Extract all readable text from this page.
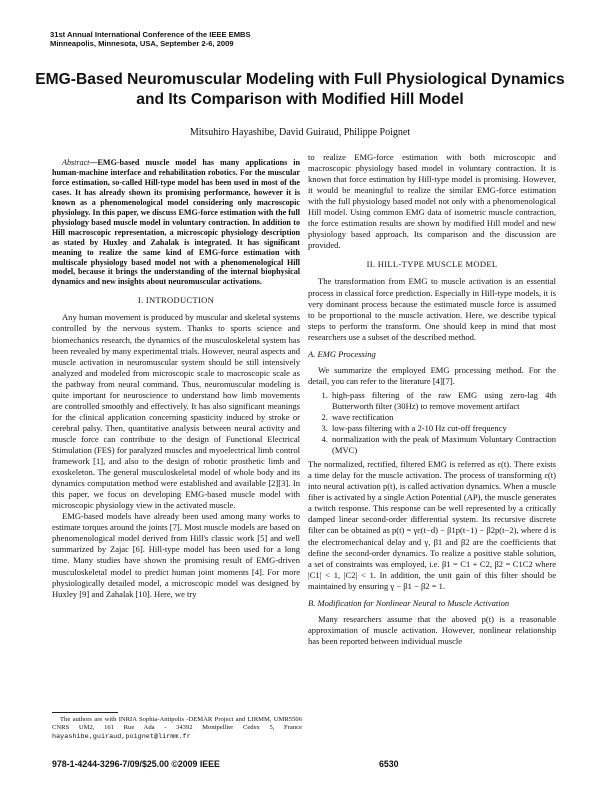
31st Annual International Conference of the IEEE EMBS
Minneapolis, Minnesota, USA, September 2-6, 2009
EMG-Based Neuromuscular Modeling with Full Physiological Dynamics
and Its Comparison with Modified Hill Model
Mitsuhiro Hayashibe, David Guiraud, Philippe Poignet

Abstract—EMG-based muscle model has many applications in human-machine interface and rehabilitation robotics. For the muscular force estimation, so-called Hill-type model has been used in most of the cases. It has already shown its promising performance, however it is known as a phenomenological model considering only macroscopic physiology. In this paper, we discuss EMG-force estimation with the full physiology based muscle model in voluntary contraction. In addition to Hill macroscopic representation, a microscopic physiology description as stated by Huxley and Zahalak is integrated. It has significant meaning to realize the same kind of EMG-force estimation with multiscale physiology based model not with a phenomenological Hill model, because it brings the understanding of the internal biophysical dynamics and new insights about neuromuscular activations.

I. INTRODUCTION

Any human movement is produced by muscular and skeletal systems controlled by the nervous system. Thanks to sports science and biomechanics research, the dynamics of the musculoskeletal system has been revealed by many experimental trials. However, neural aspects and muscle activation in neuromuscular system should be still intensively analyzed and modeled from microscopic scale to macroscopic scale as the pathway from neural command. Thus, neuromuscular modeling is quite important for neuroscience to understand how limb movements are controlled smoothly and effectively. It has also significant meanings for the clinical application concerning spasticity induced by stroke or cerebral palsy. Then, quantitative analysis between neural activity and muscle force can contribute to the design of Functional Electrical Stimulation (FES) for paralyzed muscles and myoelectrical limb control framework [1], and also to the design of robotic prosthetic limb and exoskeleton. The general musculoskeletal model of whole body and its dynamics computation method were established and available [2][3]. In this paper, we focus on developing EMG-based muscle model with microscopic physiology view in the activated muscle.

EMG-based models have already been used among many works to estimate torques around the joints [7]. Most muscle models are based on phenomenological model derived from Hill's classic work [5] and well summarized by Zajac [6]. Hill-type model has been used for a long time. Many studies have shown the promising result of EMG-driven musculoskeletal model to predict human joint moments [4]. For more physiologically detailed model, a microscopic model was designed by Huxley [9] and Zahalak [10]. Here, we try

to realize EMG-force estimation with both microscopic and macroscopic physiology based model in voluntary contraction. It is known that force estimation by Hill-type model is promising. However, it would be meaningful to realize the similar EMG-force estimation with the full physiology based model not only with a phenomenological Hill model. Using common EMG data of isometric muscle contraction, the force estimation results are shown by modified Hill model and new physiology based approach. Its comparison and the discussion are provided.

II. HILL-TYPE MUSCLE MODEL

The transformation from EMG to muscle activation is an essential process in classical force prediction. Especially in Hill-type models, it is very dominant process because the estimated muscle force is assumed to be proportional to the muscle activation. Here, we describe typical steps to perform the transform. One should keep in mind that most researchers use a subset of the described method.

A. EMG Processing

We summarize the employed EMG processing method. For the detail, you can refer to the literature [4][7].

1. high-pass filtering of the raw EMG using zero-lag 4th Butterworth filter (30Hz) to remove movement artifact
2. wave rectification
3. low-pass filtering with a 2-10 Hz cut-off frequency
4. normalization with the peak of Maximum Voluntary Contraction (MVC)

The normalized, rectified, filtered EMG is referred as ε(t). There exists a time delay for the muscle activation. The process of transforming ε(t) into neural activation p(t), is called activation dynamics. When a muscle fiber is activated by a single Action Potential (AP), the muscle generates a twitch response. This response can be well represented by a critically damped linear second-order differential system. Its recursive discrete filter can be obtained as p(t) = γε(t−d) − β1p(t−1) − β2p(t−2), where d is the electromechanical delay and γ, β1 and β2 are the coefficients that define the second-order dynamics. To realize a positive stable solution, a set of constraints was employed, i.e. β1 = C1 + C2, β2 = C1C2 where |C1| < 1, |C2| < 1. In addition, the unit gain of this filter should be maintained by ensuring γ − β1 − β2 = 1.

B. Modification for Nonlinear Neural to Muscle Activation

Many researchers assume that the aboved p(t) is a reasonable approximation of muscle activation. However, nonlinear relationship has been reported between individual muscle

The authors are with INRIA Sophia-Antipolis -DEMAR Project and LIRMM, UMR5506 CNRS UM2, 161 Rue Ada - 34392 Montpellier Cedex 5, France hayashibe,guiraud,poignet@lirmm.fr
978-1-4244-3296-7/09/$25.00 ©2009 IEEE	6530
